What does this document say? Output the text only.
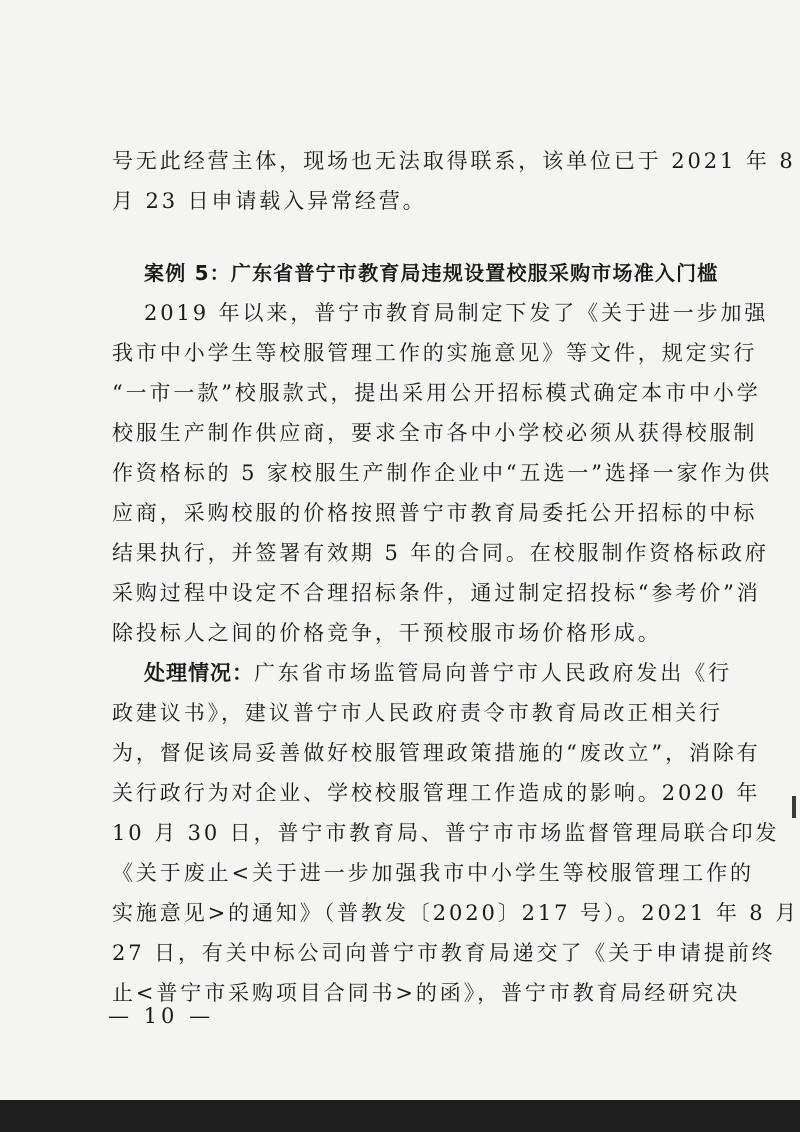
号无此经营主体，现场也无法取得联系，该单位已于 2021 年 8
月 23 日申请载入异常经营。
案例 5：广东省普宁市教育局违规设置校服采购市场准入门槛
2019 年以来，普宁市教育局制定下发了《关于进一步加强
我市中小学生等校服管理工作的实施意见》等文件，规定实行
“一市一款”校服款式，提出采用公开招标模式确定本市中小学
校服生产制作供应商，要求全市各中小学校必须从获得校服制
作资格标的 5 家校服生产制作企业中“五选一”选择一家作为供
应商，采购校服的价格按照普宁市教育局委托公开招标的中标
结果执行，并签署有效期 5 年的合同。在校服制作资格标政府
采购过程中设定不合理招标条件，通过制定招投标“参考价”消
除投标人之间的价格竞争，干预校服市场价格形成。
处理情况：广东省市场监管局向普宁市人民政府发出《行
政建议书》，建议普宁市人民政府责令市教育局改正相关行
为，督促该局妥善做好校服管理政策措施的“废改立”，消除有
关行政行为对企业、学校校服管理工作造成的影响。2020 年
10 月 30 日，普宁市教育局、普宁市市场监督管理局联合印发
《关于废止<关于进一步加强我市中小学生等校服管理工作的
实施意见>的通知》（普教发〔2020〕217 号）。2021 年 8 月
27 日，有关中标公司向普宁市教育局递交了《关于申请提前终
止<普宁市采购项目合同书>的函》，普宁市教育局经研究决
— 10 —
